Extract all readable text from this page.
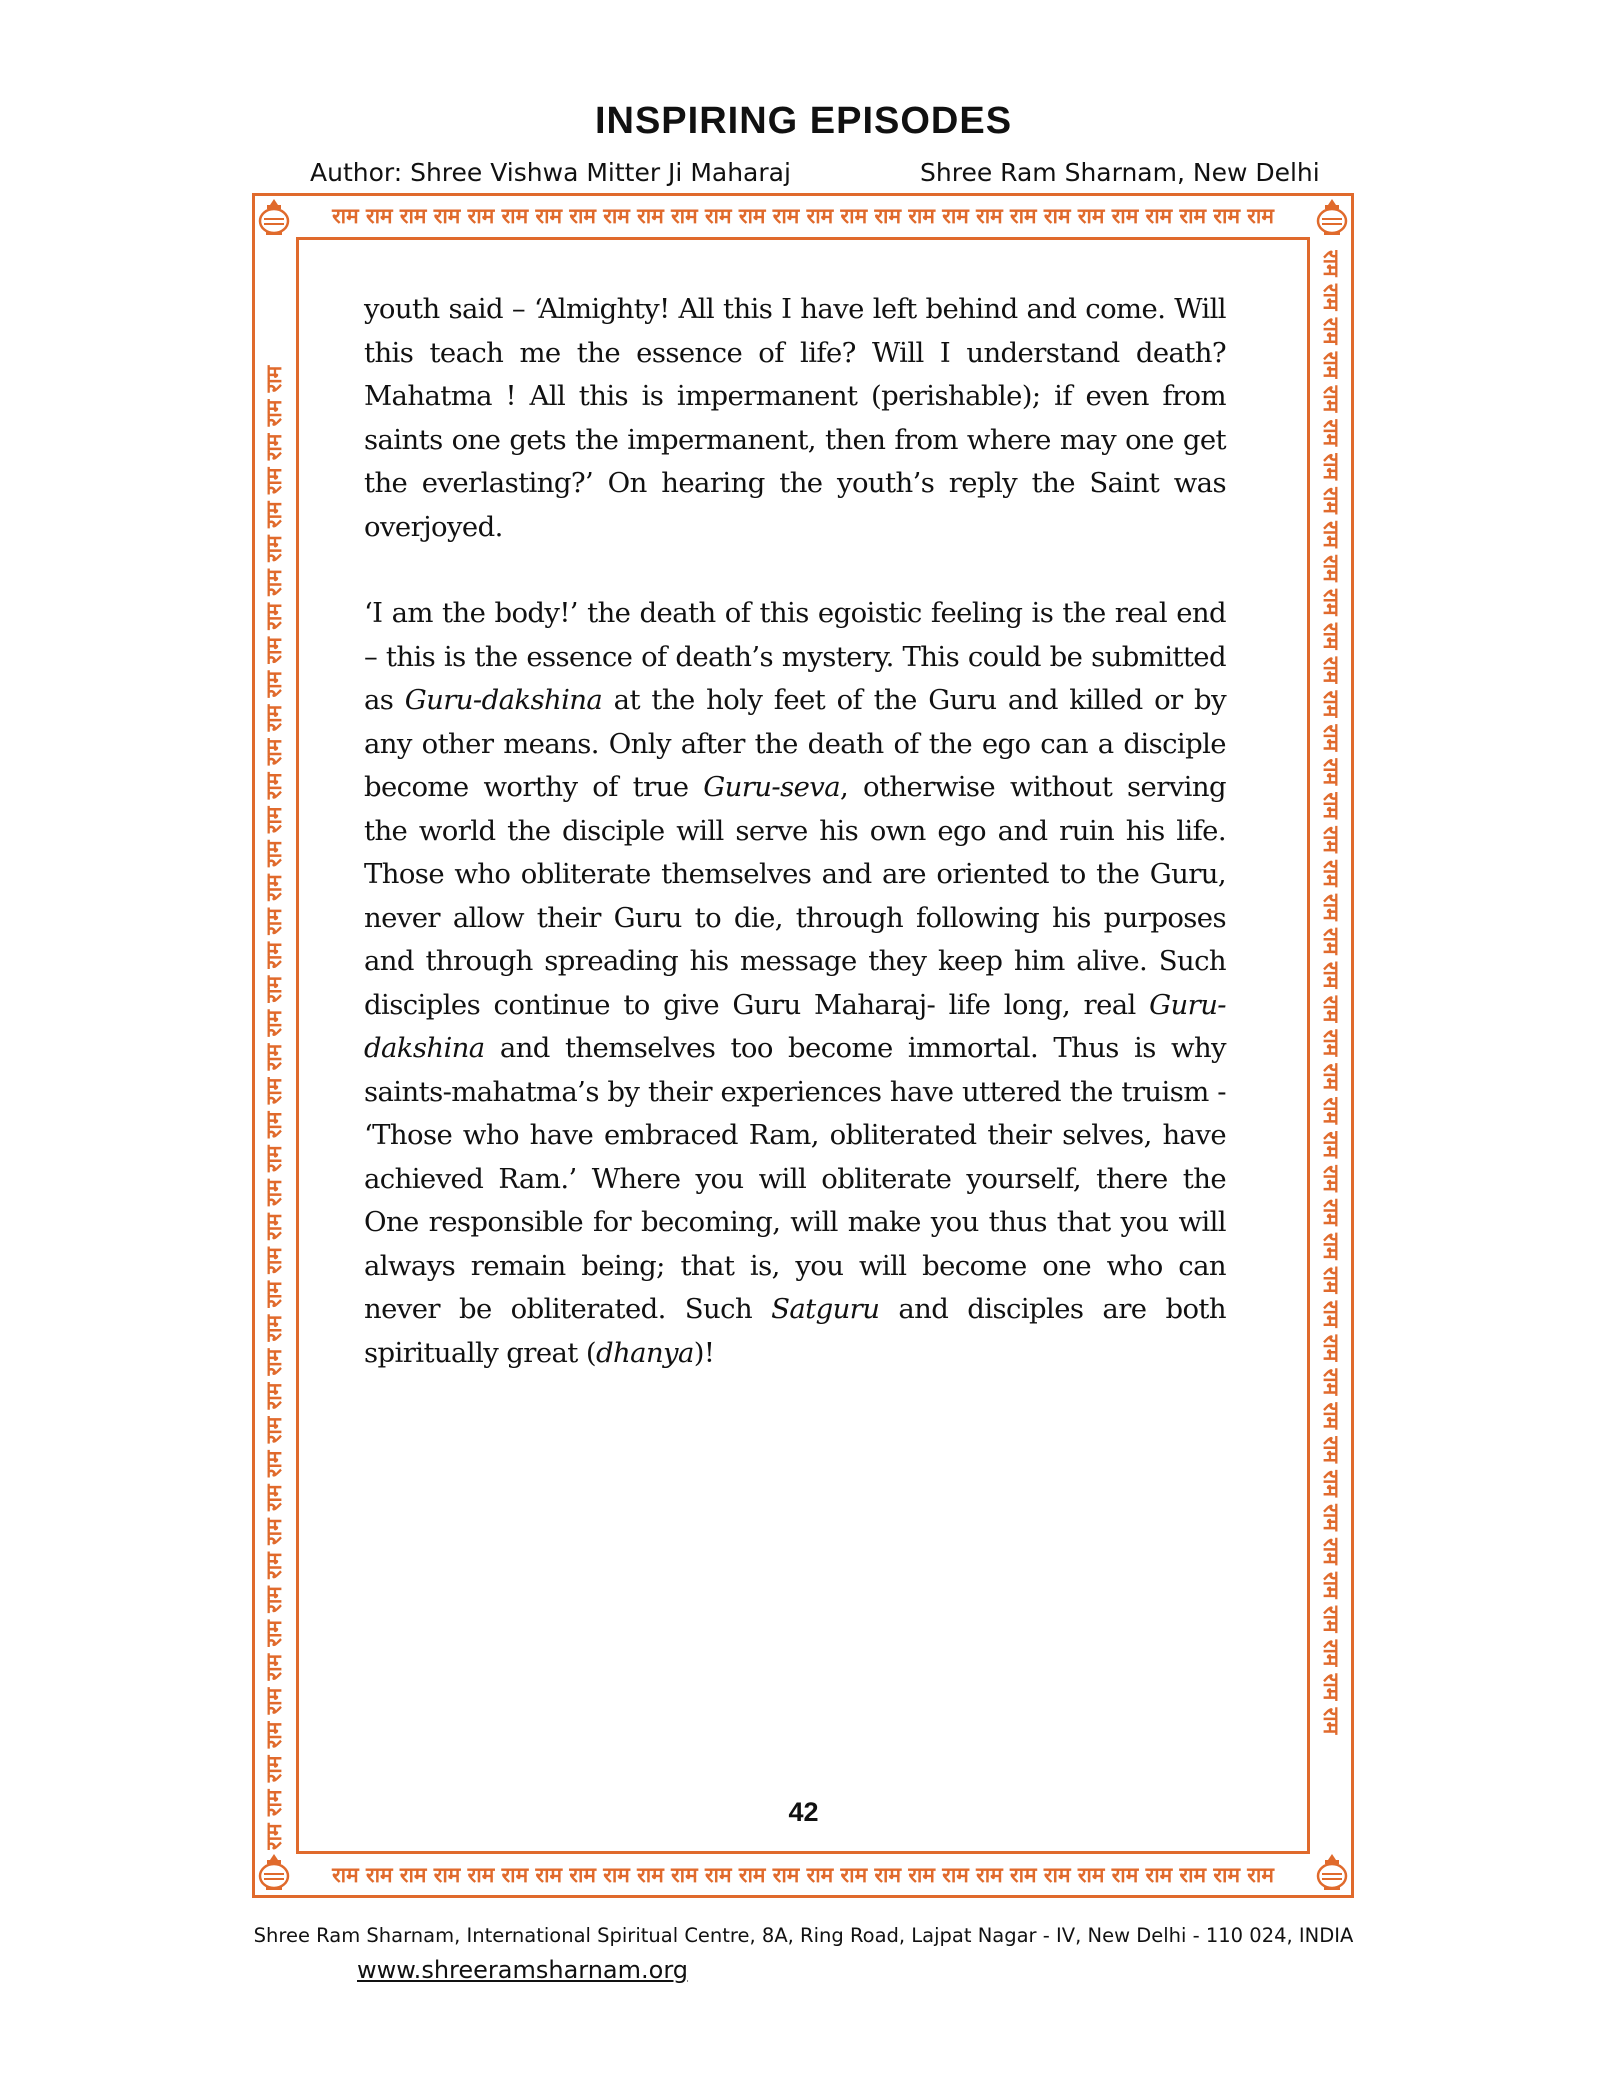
INSPIRING EPISODES
Author: Shree Vishwa Mitter Ji Maharaj	Shree Ram Sharnam, New Delhi
राम राम राम राम राम राम राम राम राम राम राम राम राम राम राम राम राम राम राम राम राम राम राम राम राम राम राम राम
राम राम राम राम राम राम राम राम राम राम राम राम राम राम राम राम राम राम राम राम राम राम राम राम राम राम राम राम
राम राम राम राम राम राम राम राम राम राम राम राम राम राम राम राम राम राम राम राम राम राम राम राम राम राम राम राम राम राम राम राम राम राम राम राम राम राम राम राम राम राम राम राम	राम राम राम राम राम राम राम राम राम राम राम राम राम राम राम राम राम राम राम राम राम राम राम राम राम राम राम राम राम राम राम राम राम राम राम राम राम राम राम राम राम राम राम राम

youth said – ‘Almighty! All this I have left behind and come. Will this teach me the essence of life? Will I understand death? Mahatma ! All this is impermanent (perishable); if even from saints one gets the impermanent, then from where may one get the everlasting?’ On hearing the youth’s reply the Saint was overjoyed.

‘I am the body!’ the death of this egoistic feeling is the real end – this is the essence of death’s mystery. This could be submitted as Guru-dakshina at the holy feet of the Guru and killed or by any other means. Only after the death of the ego can a disciple become worthy of true Guru-seva, otherwise without serving the world the disciple will serve his own ego and ruin his life. Those who obliterate themselves and are oriented to the Guru, never allow their Guru to die, through following his purposes and through spreading his message they keep him alive. Such disciples continue to give Guru Maharaj- life long, real Guru-dakshina and themselves too become immortal. Thus is why saints-mahatma’s by their experiences have uttered the truism - ‘Those who have embraced Ram, obliterated their selves, have achieved Ram.’ Where you will obliterate yourself, there the One responsible for becoming, will make you thus that you will always remain being; that is, you will become one who can never be obliterated. Such Satguru and disciples are both spiritually great (dhanya)!

42
Shree Ram Sharnam, International Spiritual Centre, 8A, Ring Road, Lajpat Nagar - IV, New Delhi - 110 024, INDIA
www.shreeramsharnam.org
